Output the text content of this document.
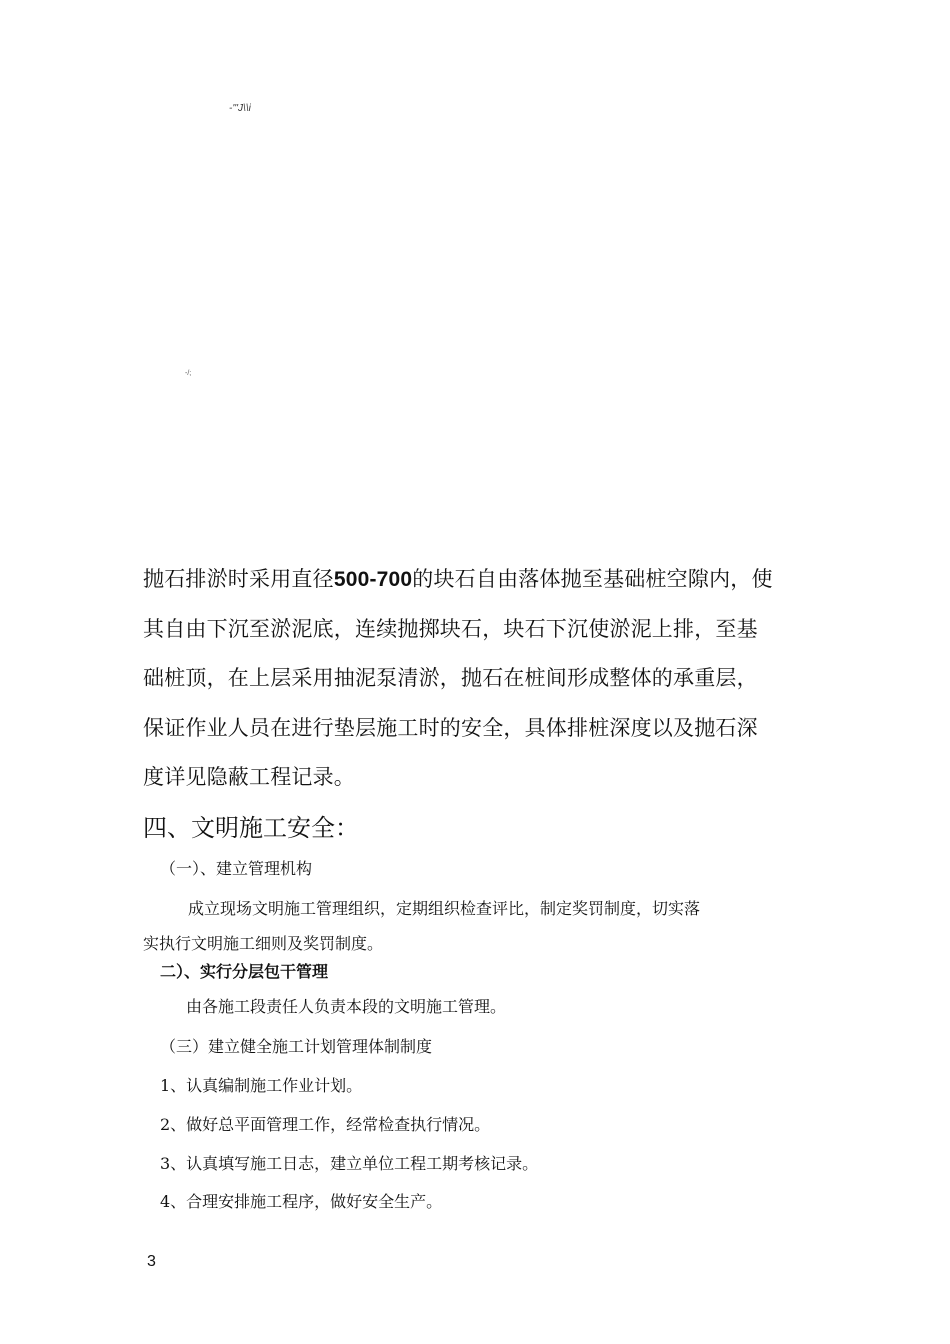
-'''J\\i
-/;
抛石排淤时采用直径500-700的块石自由落体抛至基础桩空隙内，使
其自由下沉至淤泥底，连续抛掷块石，块石下沉使淤泥上排，至基
础桩顶，在上层采用抽泥泵清淤，抛石在桩间形成整体的承重层，
保证作业人员在进行垫层施工时的安全，具体排桩深度以及抛石深
度详见隐蔽工程记录。
四、文明施工安全：
（一）、建立管理机构
成立现场文明施工管理组织，定期组织检查评比，制定奖罚制度，切实落
实执行文明施工细则及奖罚制度。
二）、实行分层包干管理
由各施工段责任人负责本段的文明施工管理。
（三）建立健全施工计划管理体制制度
1、认真编制施工作业计划。
2、做好总平面管理工作，经常检查执行情况。
3、认真填写施工日志，建立单位工程工期考核记录。
4、合理安排施工程序，做好安全生产。
3
